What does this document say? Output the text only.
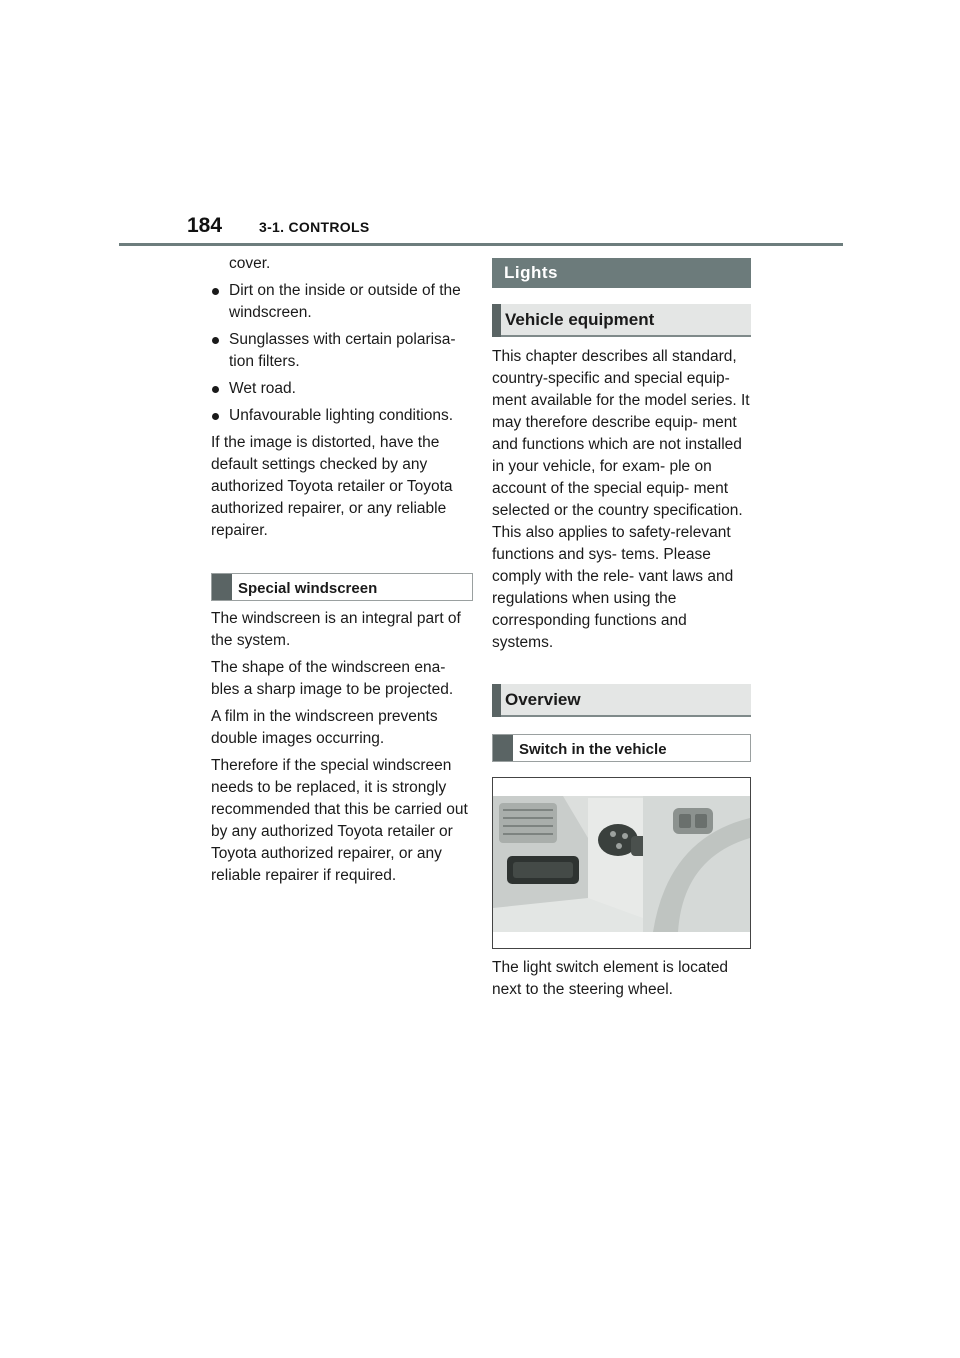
184	3-1. CONTROLS
cover.
Dirt on the inside or outside of the windscreen.
Sunglasses with certain polarisa- tion filters.
Wet road.
Unfavourable lighting conditions.

If the image is distorted, have the default settings checked by any authorized Toyota retailer or Toyota authorized repairer, or any reliable repairer.

Special windscreen

The windscreen is an integral part of the system.

The shape of the windscreen ena- bles a sharp image to be projected.

A film in the windscreen prevents double images occurring.

Therefore if the special windscreen needs to be replaced, it is strongly recommended that this be carried out by any authorized Toyota retailer or Toyota authorized repairer, or any reliable repairer if required.

Lights
Vehicle equipment

This chapter describes all standard, country-specific and special equip- ment available for the model series. It may therefore describe equip- ment and functions which are not installed in your vehicle, for exam- ple on account of the special equip- ment selected or the country specification. This also applies to safety-relevant functions and sys- tems. Please comply with the rele- vant laws and regulations when using the corresponding functions and systems.

Overview
Switch in the vehicle

The light switch element is located next to the steering wheel.
